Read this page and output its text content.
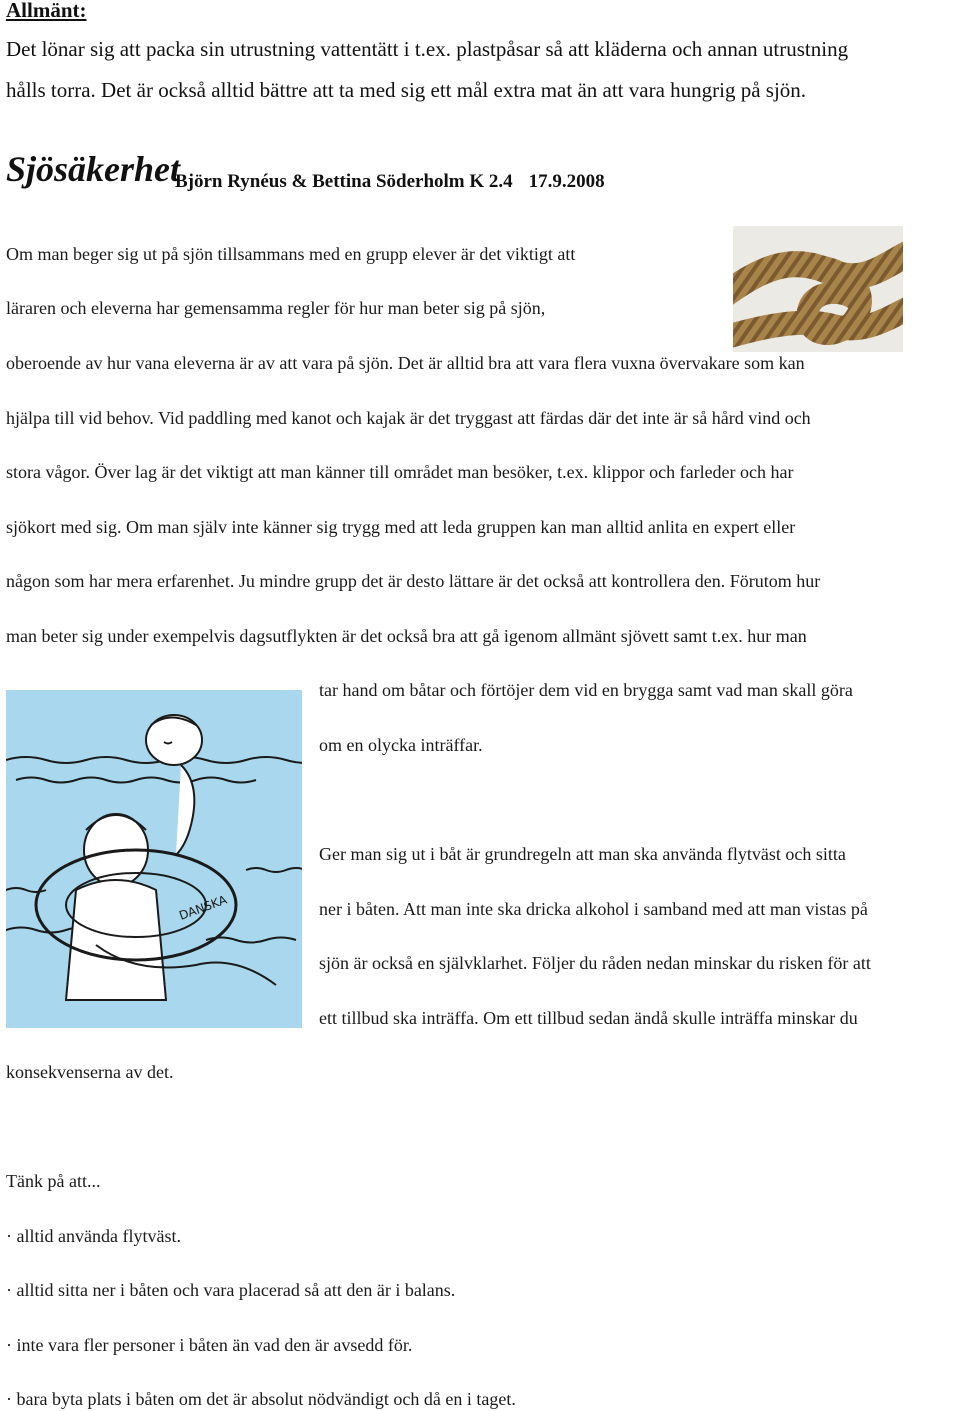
Allmänt:
Det lönar sig att packa sin utrustning vattentätt i t.ex. plastpåsar så att kläderna och annan utrustning
hålls torra. Det är också alltid bättre att ta med sig ett mål extra mat än att vara hungrig på sjön.
Sjösäkerhet
Björn Rynéus & Bettina Söderholm K 2.4 17.9.2008
Om man beger sig ut på sjön tillsammans med en grupp elever är det viktigt att
läraren och eleverna har gemensamma regler för hur man beter sig på sjön,
oberoende av hur vana eleverna är av att vara på sjön. Det är alltid bra att vara flera vuxna övervakare som kan
hjälpa till vid behov. Vid paddling med kanot och kajak är det tryggast att färdas där det inte är så hård vind och
stora vågor. Över lag är det viktigt att man känner till området man besöker, t.ex. klippor och farleder och har
sjökort med sig. Om man själv inte känner sig trygg med att leda gruppen kan man alltid anlita en expert eller
någon som har mera erfarenhet. Ju mindre grupp det är desto lättare är det också att kontrollera den. Förutom hur
man beter sig under exempelvis dagsutflykten är det också bra att gå igenom allmänt sjövett samt t.ex. hur man
tar hand om båtar och förtöjer dem vid en brygga samt vad man skall göra
om en olycka inträffar.
DANSKA
Ger man sig ut i båt är grundregeln att man ska använda flytväst och sitta
ner i båten. Att man inte ska dricka alkohol i samband med att man vistas på
sjön är också en självklarhet. Följer du råden nedan minskar du risken för att
ett tillbud ska inträffa. Om ett tillbud sedan ändå skulle inträffa minskar du
konsekvenserna av det.
Tänk på att...
· alltid använda flytväst.
· alltid sitta ner i båten och vara placerad så att den är i balans.
· inte vara fler personer i båten än vad den är avsedd för.
· bara byta plats i båten om det är absolut nödvändigt och då en i taget.
